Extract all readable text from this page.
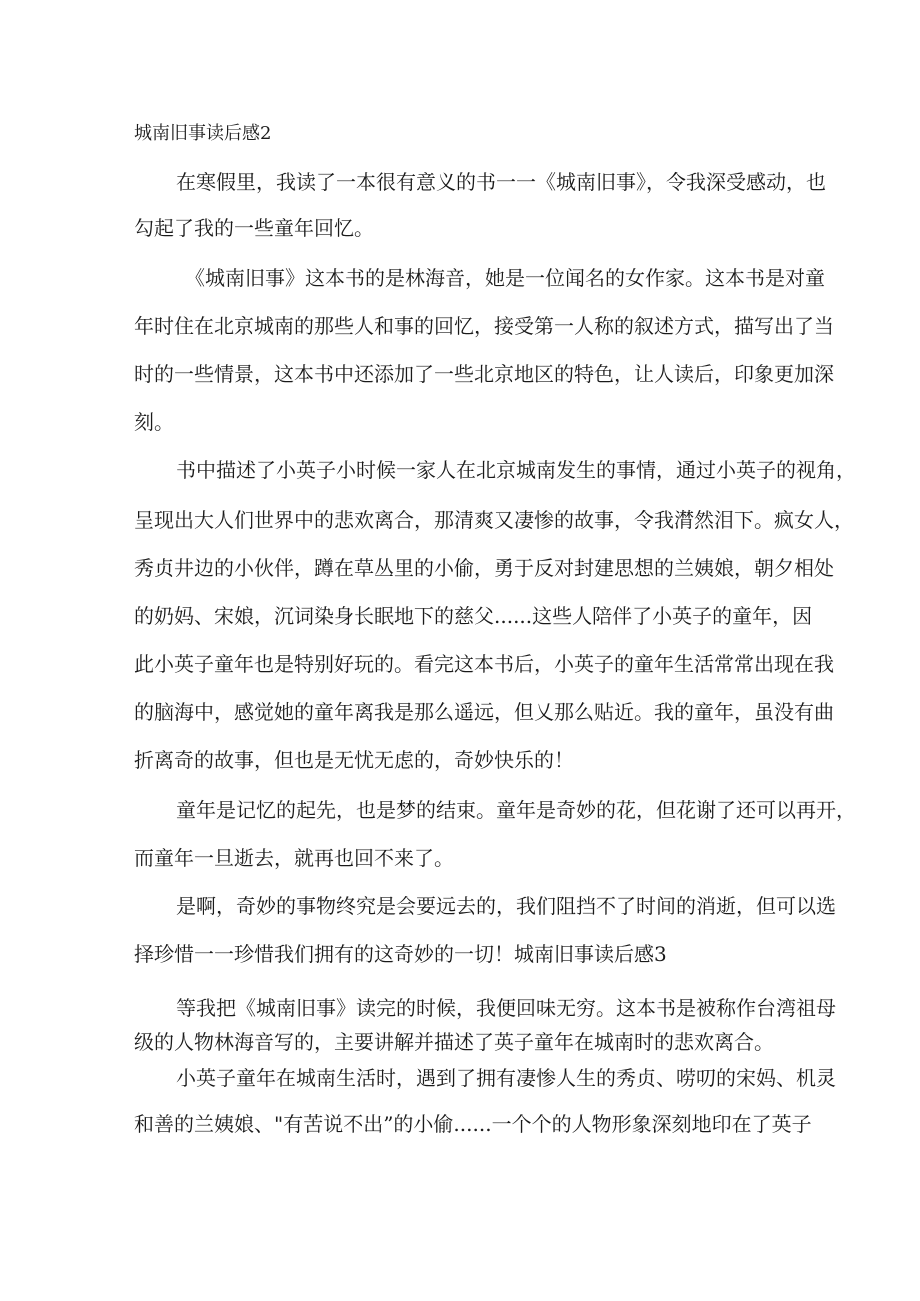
城南旧事读后感2
在寒假里，我读了一本很有意义的书一一《城南旧事》，令我深受感动，也
勾起了我的一些童年回忆。
《城南旧事》这本书的是林海音，她是一位闻名的女作家。这本书是对童
年时住在北京城南的那些人和事的回忆，接受第一人称的叙述方式，描写出了当
时的一些情景，这本书中还添加了一些北京地区的特色，让人读后，印象更加深
刻。
书中描述了小英子小时候一家人在北京城南发生的事情，通过小英子的视角，
呈现出大人们世界中的悲欢离合，那清爽又凄惨的故事，令我潸然泪下。疯女人，
秀贞井边的小伙伴，蹲在草丛里的小偷，勇于反对封建思想的兰姨娘，朝夕相处
的奶妈、宋娘，沉词染身长眠地下的慈父......这些人陪伴了小英子的童年，因
此小英子童年也是特别好玩的。看完这本书后，小英子的童年生活常常出现在我
的脑海中，感觉她的童年离我是那么遥远，但乂那么贴近。我的童年，虽没有曲
折离奇的故事，但也是无忧无虑的，奇妙快乐的！
童年是记忆的起先，也是梦的结束。童年是奇妙的花，但花谢了还可以再开，
而童年一旦逝去，就再也回不来了。
是啊，奇妙的事物终究是会要远去的，我们阻挡不了时间的消逝，但可以选
择珍惜一一珍惜我们拥有的这奇妙的一切！城南旧事读后感3
等我把《城南旧事》读完的时候，我便回味无穷。这本书是被称作台湾祖母
级的人物林海音写的，主要讲解并描述了英子童年在城南时的悲欢离合。
小英子童年在城南生活时，遇到了拥有凄惨人生的秀贞、唠叨的宋妈、机灵
和善的兰姨娘、"有苦说不出”的小偷......一个个的人物形象深刻地印在了英子
